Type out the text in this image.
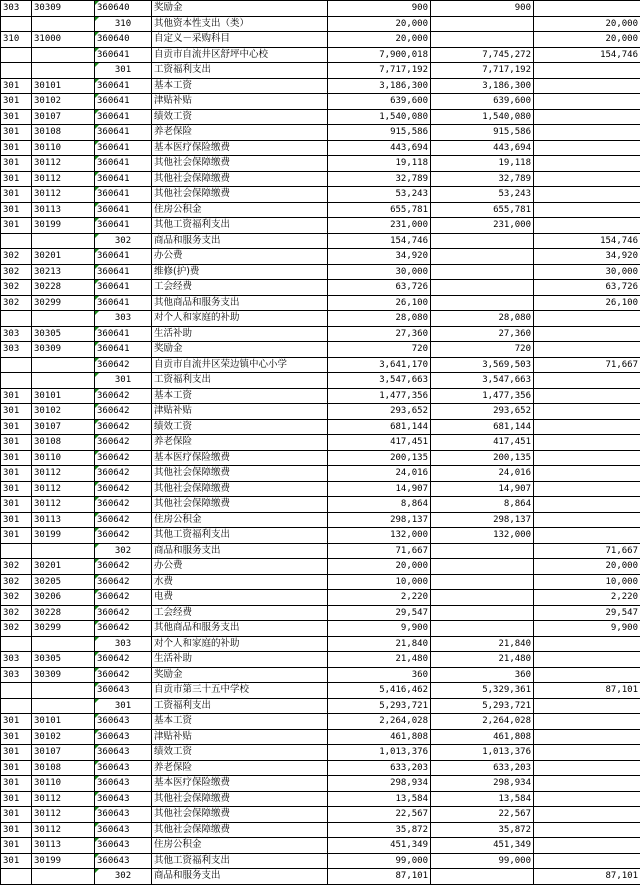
303	30309	360640	奖励金	900	900	
		310	其他资本性支出（类）	20,000		20,000
310	31000	360640	自定义－采购科目	20,000		20,000
		360641	自贡市自流井区舒坪中心校	7,900,018	7,745,272	154,746
		301	工资福利支出	7,717,192	7,717,192	
301	30101	360641	基本工资	3,186,300	3,186,300	
301	30102	360641	津贴补贴	639,600	639,600	
301	30107	360641	绩效工资	1,540,080	1,540,080	
301	30108	360641	养老保险	915,586	915,586	
301	30110	360641	基本医疗保险缴费	443,694	443,694	
301	30112	360641	其他社会保障缴费	19,118	19,118	
301	30112	360641	其他社会保障缴费	32,789	32,789	
301	30112	360641	其他社会保障缴费	53,243	53,243	
301	30113	360641	住房公积金	655,781	655,781	
301	30199	360641	其他工资福利支出	231,000	231,000	
		302	商品和服务支出	154,746		154,746
302	30201	360641	办公费	34,920		34,920
302	30213	360641	维修(护)费	30,000		30,000
302	30228	360641	工会经费	63,726		63,726
302	30299	360641	其他商品和服务支出	26,100		26,100
		303	对个人和家庭的补助	28,080	28,080	
303	30305	360641	生活补助	27,360	27,360	
303	30309	360641	奖励金	720	720	
		360642	自贡市自流井区荣边镇中心小学	3,641,170	3,569,503	71,667
		301	工资福利支出	3,547,663	3,547,663	
301	30101	360642	基本工资	1,477,356	1,477,356	
301	30102	360642	津贴补贴	293,652	293,652	
301	30107	360642	绩效工资	681,144	681,144	
301	30108	360642	养老保险	417,451	417,451	
301	30110	360642	基本医疗保险缴费	200,135	200,135	
301	30112	360642	其他社会保障缴费	24,016	24,016	
301	30112	360642	其他社会保障缴费	14,907	14,907	
301	30112	360642	其他社会保障缴费	8,864	8,864	
301	30113	360642	住房公积金	298,137	298,137	
301	30199	360642	其他工资福利支出	132,000	132,000	
		302	商品和服务支出	71,667		71,667
302	30201	360642	办公费	20,000		20,000
302	30205	360642	水费	10,000		10,000
302	30206	360642	电费	2,220		2,220
302	30228	360642	工会经费	29,547		29,547
302	30299	360642	其他商品和服务支出	9,900		9,900
		303	对个人和家庭的补助	21,840	21,840	
303	30305	360642	生活补助	21,480	21,480	
303	30309	360642	奖励金	360	360	
		360643	自贡市第三十五中学校	5,416,462	5,329,361	87,101
		301	工资福利支出	5,293,721	5,293,721	
301	30101	360643	基本工资	2,264,028	2,264,028	
301	30102	360643	津贴补贴	461,808	461,808	
301	30107	360643	绩效工资	1,013,376	1,013,376	
301	30108	360643	养老保险	633,203	633,203	
301	30110	360643	基本医疗保险缴费	298,934	298,934	
301	30112	360643	其他社会保障缴费	13,584	13,584	
301	30112	360643	其他社会保障缴费	22,567	22,567	
301	30112	360643	其他社会保障缴费	35,872	35,872	
301	30113	360643	住房公积金	451,349	451,349	
301	30199	360643	其他工资福利支出	99,000	99,000	
		302	商品和服务支出	87,101		87,101
